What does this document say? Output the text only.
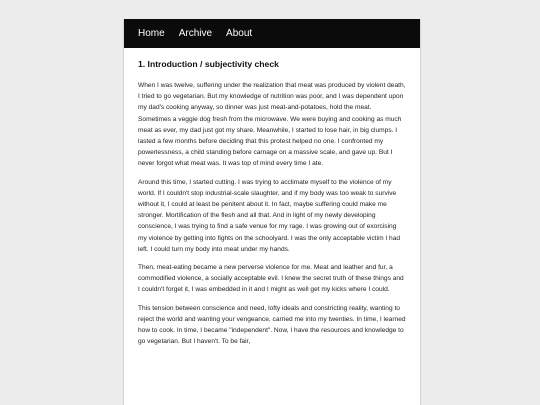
Home Archive About
1. Introduction / subjectivity check

When I was twelve, suffering under the realization that meat was produced by violent death, I tried to go vegetarian. But my knowledge of nutrition was poor, and I was dependent upon my dad's cooking anyway, so dinner was just meat-and-potatoes, hold the meat. Sometimes a veggie dog fresh from the microwave. We were buying and cooking as much meat as ever, my dad just got my share. Meanwhile, I started to lose hair, in big clumps. I lasted a few months before deciding that this protest helped no one. I confronted my powerlessness, a child standing before carnage on a massive scale, and gave up. But I never forgot what meat was. It was top of mind every time I ate.

Around this time, I started cutting. I was trying to acclimate myself to the violence of my world. If I couldn't stop industrial-scale slaughter, and if my body was too weak to survive without it, I could at least be penitent about it. In fact, maybe suffering could make me stronger. Mortification of the flesh and all that. And in light of my newly developing conscience, I was trying to find a safe venue for my rage. I was growing out of exorcising my violence by getting into fights on the schoolyard. I was the only acceptable victim I had left. I could turn my body into meat under my hands.

Then, meat-eating became a new perverse violence for me. Meat and leather and fur, a commodified violence, a socially acceptable evil. I knew the secret truth of these things and I couldn't forget it, I was embedded in it and I might as well get my kicks where I could.

This tension between conscience and need, lofty ideals and constricting reality, wanting to reject the world and wanting your vengeance, carried me into my twenties. In time, I learned how to cook. In time, I became "independent". Now, I have the resources and knowledge to go vegetarian. But I haven't. To be fair,
